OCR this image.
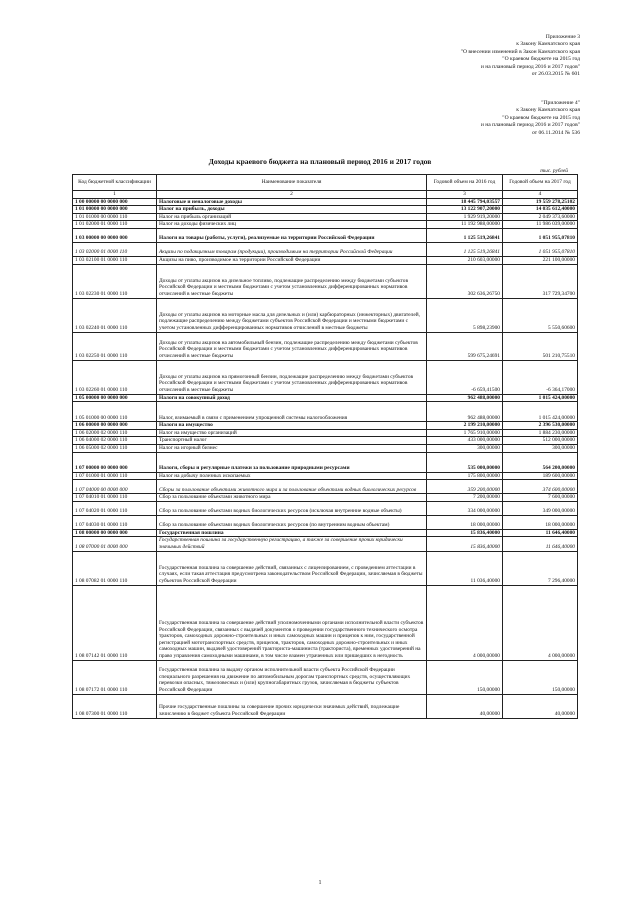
Приложение 3
к Закону Камчатского края
"О внесении изменений в Закон Камчатского края
"О краевом бюджете на 2015 год
и на плановый период 2016 и 2017 годов"
от 26.03.2015 № 601
"Приложение 4"
к Закону Камчатского края
"О краевом бюджете на 2015 год
и на плановый период 2016 и 2017 годов"
от 06.11.2014 № 536
Доходы краевого бюджета на плановый период 2016 и 2017 годов
тыс. рублей
Код бюджетной классификации	Наименование показателя	Годовой объем на 2016 год	Годовой объем на 2017 год
1	2	3	4
1 00 00000 00 0000 000	Налоговые и неналоговые доходы	18 445 794,03557	19 559 278,25102
1 01 00000 00 0000 000	Налог на прибыль, доходы	13 122 907,20000	14 035 612,40000
1 01 01000 00 0000 110	Налог на прибыль организаций	1 929 919,20000	2 049 373,60000
1 01 02000 01 0000 110	Налог на доходы физических лиц	11 192 988,00000	11 986 039,00000
1 03 00000 00 0000 000	Налоги на товары (работы, услуги), реализуемые на территории Российской Федерации	1 125 519,26841	1 051 955,07810
1 03 02000 01 0000 110	Акцизы по подакцизным товарам (продукции), производимым на территории Российской Федерации	1 125 519,26841	1 051 955,07810
1 03 02100 01 0000 110	Акцизы на пиво, производимое на территории Российской Федерации	210 603,00000	221 100,00000
1 03 02230 01 0000 110	Доходы от уплаты акцизов на дизельное топливо, подлежащие распределению между бюджетами субъектов Российской Федерации и местными бюджетами с учетом установленных дифференцированных нормативов отчислений в местные бюджеты	302 636,26750	317 729,34700
1 03 02240 01 0000 110	Доходы от уплаты акцизов на моторные масла для дизельных и (или) карбюраторных (инжекторных) двигателей, подлежащие распределению между бюджетами субъектов Российской Федерации и местными бюджетами с учетом установленных дифференцированных нормативов отчислений в местные бюджеты	5 898,23900	5 550,60600
1 03 02250 01 0000 110	Доходы от уплаты акцизов на автомобильный бензин, подлежащие распределению между бюджетами субъектов Российской Федерации и местными бюджетами с учетом установленных дифференцированных нормативов отчислений в местные бюджеты	599 675,24691	501 210,75510
1 03 02260 01 0000 110	Доходы от уплаты акцизов на прямогонный бензин, подлежащие распределению между бюджетами субъектов Российской Федерации и местными бюджетами с учетом установленных дифференцированных нормативов отчислений в местные бюджеты	-6 659,41500	-6 364,17000
1 05 00000 00 0000 000	Налоги на совокупный доход	962 488,00000	1 015 424,00000
1 05 01000 00 0000 110	Налог, взимаемый в связи с применением упрощенной системы налогообложения	962 488,00000	1 015 424,00000
1 06 00000 00 0000 000	Налоги на имущество	2 199 210,00000	2 396 530,00000
1 06 02000 02 0000 110	Налог на имущество организаций	1 765 910,00000	1 884 230,00000
1 06 04000 02 0000 110	Транспортный налог	433 000,00000	512 000,00000
1 06 05000 02 0000 110	Налог на игорный бизнес	300,00000	300,00000
1 07 00000 00 0000 000	Налоги, сборы и регулярные платежи за пользование природными ресурсами	535 000,00000	564 200,00000
1 07 01000 01 0000 110	Налог на добычу полезных ископаемых	175 800,00000	189 600,00000
1 07 04000 00 0000 000	Сборы за пользование объектами животного мира и за пользование объектами водных биологических ресурсов	359 200,00000	374 600,00000
1 07 04010 01 0000 110	Сбор за пользование объектами животного мира	7 200,00000	7 600,00000
1 07 04020 01 0000 110	Сбор за пользование объектами водных биологических ресурсов (исключая внутренние водные объекты)	334 000,00000	349 000,00000
1 07 04030 01 0000 110	Сбор за пользование объектами водных биологических ресурсов (по внутренним водным объектам)	18 000,00000	18 000,00000
1 08 00000 00 0000 000	Государственная пошлина	15 836,40000	11 646,40000
1 08 07000 01 0000 000	Государственная пошлина за государственную регистрацию, а также за совершение прочих юридически значимых действий	15 836,40000	11 646,40000
1 08 07082 01 0000 110	Государственная пошлина за совершение действий, связанных с лицензированием, с проведением аттестации в случаях, если такая аттестация предусмотрена законодательством Российской Федерации, зачисляемая в бюджеты субъектов Российской Федерации	11 036,40000	7 296,40000
1 08 07142 01 0000 110	Государственная пошлина за совершение действий уполномоченными органами исполнительной власти субъектов Российской Федерации, связанных с выдачей документов о проведении государственного технического осмотра тракторов, самоходных дорожно-строительных и иных самоходных машин и прицепов к ним, государственной регистрацией мототранспортных средств, прицепов, тракторов, самоходных дорожно-строительных и иных самоходных машин, выдачей удостоверений тракториста-машиниста (тракториста), временных удостоверений на право управления самоходными машинами, в том числе взамен утраченных или пришедших в негодность	4 000,00000	4 000,00000
1 08 07172 01 0000 110	Государственная пошлина за выдачу органом исполнительной власти субъекта Российской Федерации специального разрешения на движение по автомобильным дорогам транспортных средств, осуществляющих перевозки опасных, тяжеловесных и (или) крупногабаритных грузов, зачисляемая в бюджеты субъектов Российской Федерации	150,00000	150,00000
1 08 07300 01 0000 110	Прочие государственные пошлины за совершение прочих юридически значимых действий, подлежащие зачислению в бюджет субъекта Российской Федерации	40,00000	40,00000
1
